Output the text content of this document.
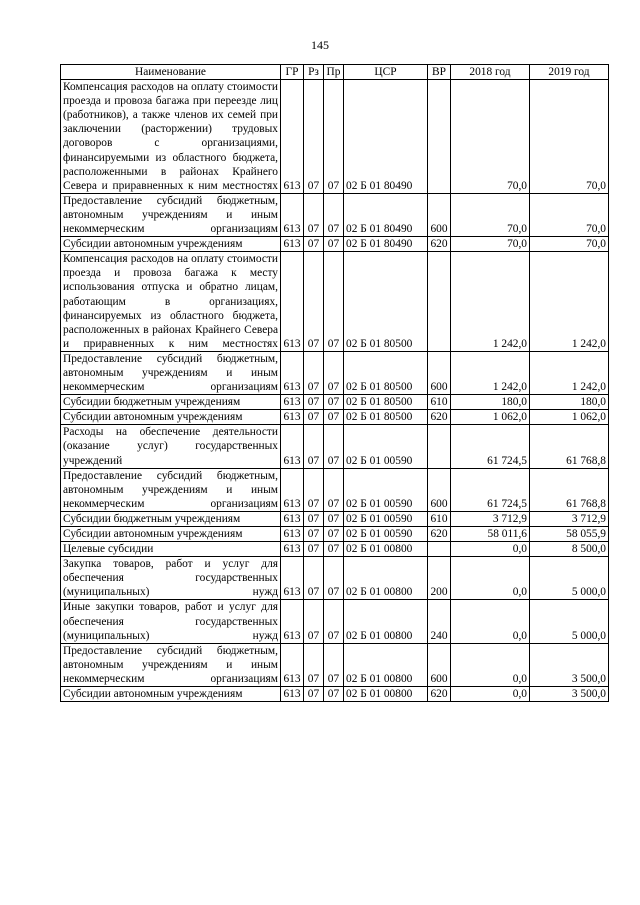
145
Наименование	ГР	Рз	Пр	ЦСР	ВР	2018 год	2019 год
Компенсация расходов на оплату стоимости проезда и провоза багажа при переезде лиц (работников), а также членов их семей при заключении (расторжении) трудовых договоров с организациями, финансируемыми из областного бюджета, расположенными в районах Крайнего Севера и приравненных к ним местностях	613	07	07	02 Б 01 80490		70,0	70,0
Предоставление субсидий бюджетным, автономным учреждениям и иным некоммерческим организациям	613	07	07	02 Б 01 80490	600	70,0	70,0
Субсидии автономным учреждениям	613	07	07	02 Б 01 80490	620	70,0	70,0
Компенсация расходов на оплату стоимости проезда и провоза багажа к месту использования отпуска и обратно лицам, работающим в организациях, финансируемых из областного бюджета, расположенных в районах Крайнего Севера и приравненных к ним местностях	613	07	07	02 Б 01 80500		1 242,0	1 242,0
Предоставление субсидий бюджетным, автономным учреждениям и иным некоммерческим организациям	613	07	07	02 Б 01 80500	600	1 242,0	1 242,0
Субсидии бюджетным учреждениям	613	07	07	02 Б 01 80500	610	180,0	180,0
Субсидии автономным учреждениям	613	07	07	02 Б 01 80500	620	1 062,0	1 062,0
Расходы на обеспечение деятельности (оказание услуг) государственных учреждений	613	07	07	02 Б 01 00590		61 724,5	61 768,8
Предоставление субсидий бюджетным, автономным учреждениям и иным некоммерческим организациям	613	07	07	02 Б 01 00590	600	61 724,5	61 768,8
Субсидии бюджетным учреждениям	613	07	07	02 Б 01 00590	610	3 712,9	3 712,9
Субсидии автономным учреждениям	613	07	07	02 Б 01 00590	620	58 011,6	58 055,9
Целевые субсидии	613	07	07	02 Б 01 00800		0,0	8 500,0
Закупка товаров, работ и услуг для обеспечения государственных (муниципальных) нужд	613	07	07	02 Б 01 00800	200	0,0	5 000,0
Иные закупки товаров, работ и услуг для обеспечения государственных (муниципальных) нужд	613	07	07	02 Б 01 00800	240	0,0	5 000,0
Предоставление субсидий бюджетным, автономным учреждениям и иным некоммерческим организациям	613	07	07	02 Б 01 00800	600	0,0	3 500,0
Субсидии автономным учреждениям	613	07	07	02 Б 01 00800	620	0,0	3 500,0
